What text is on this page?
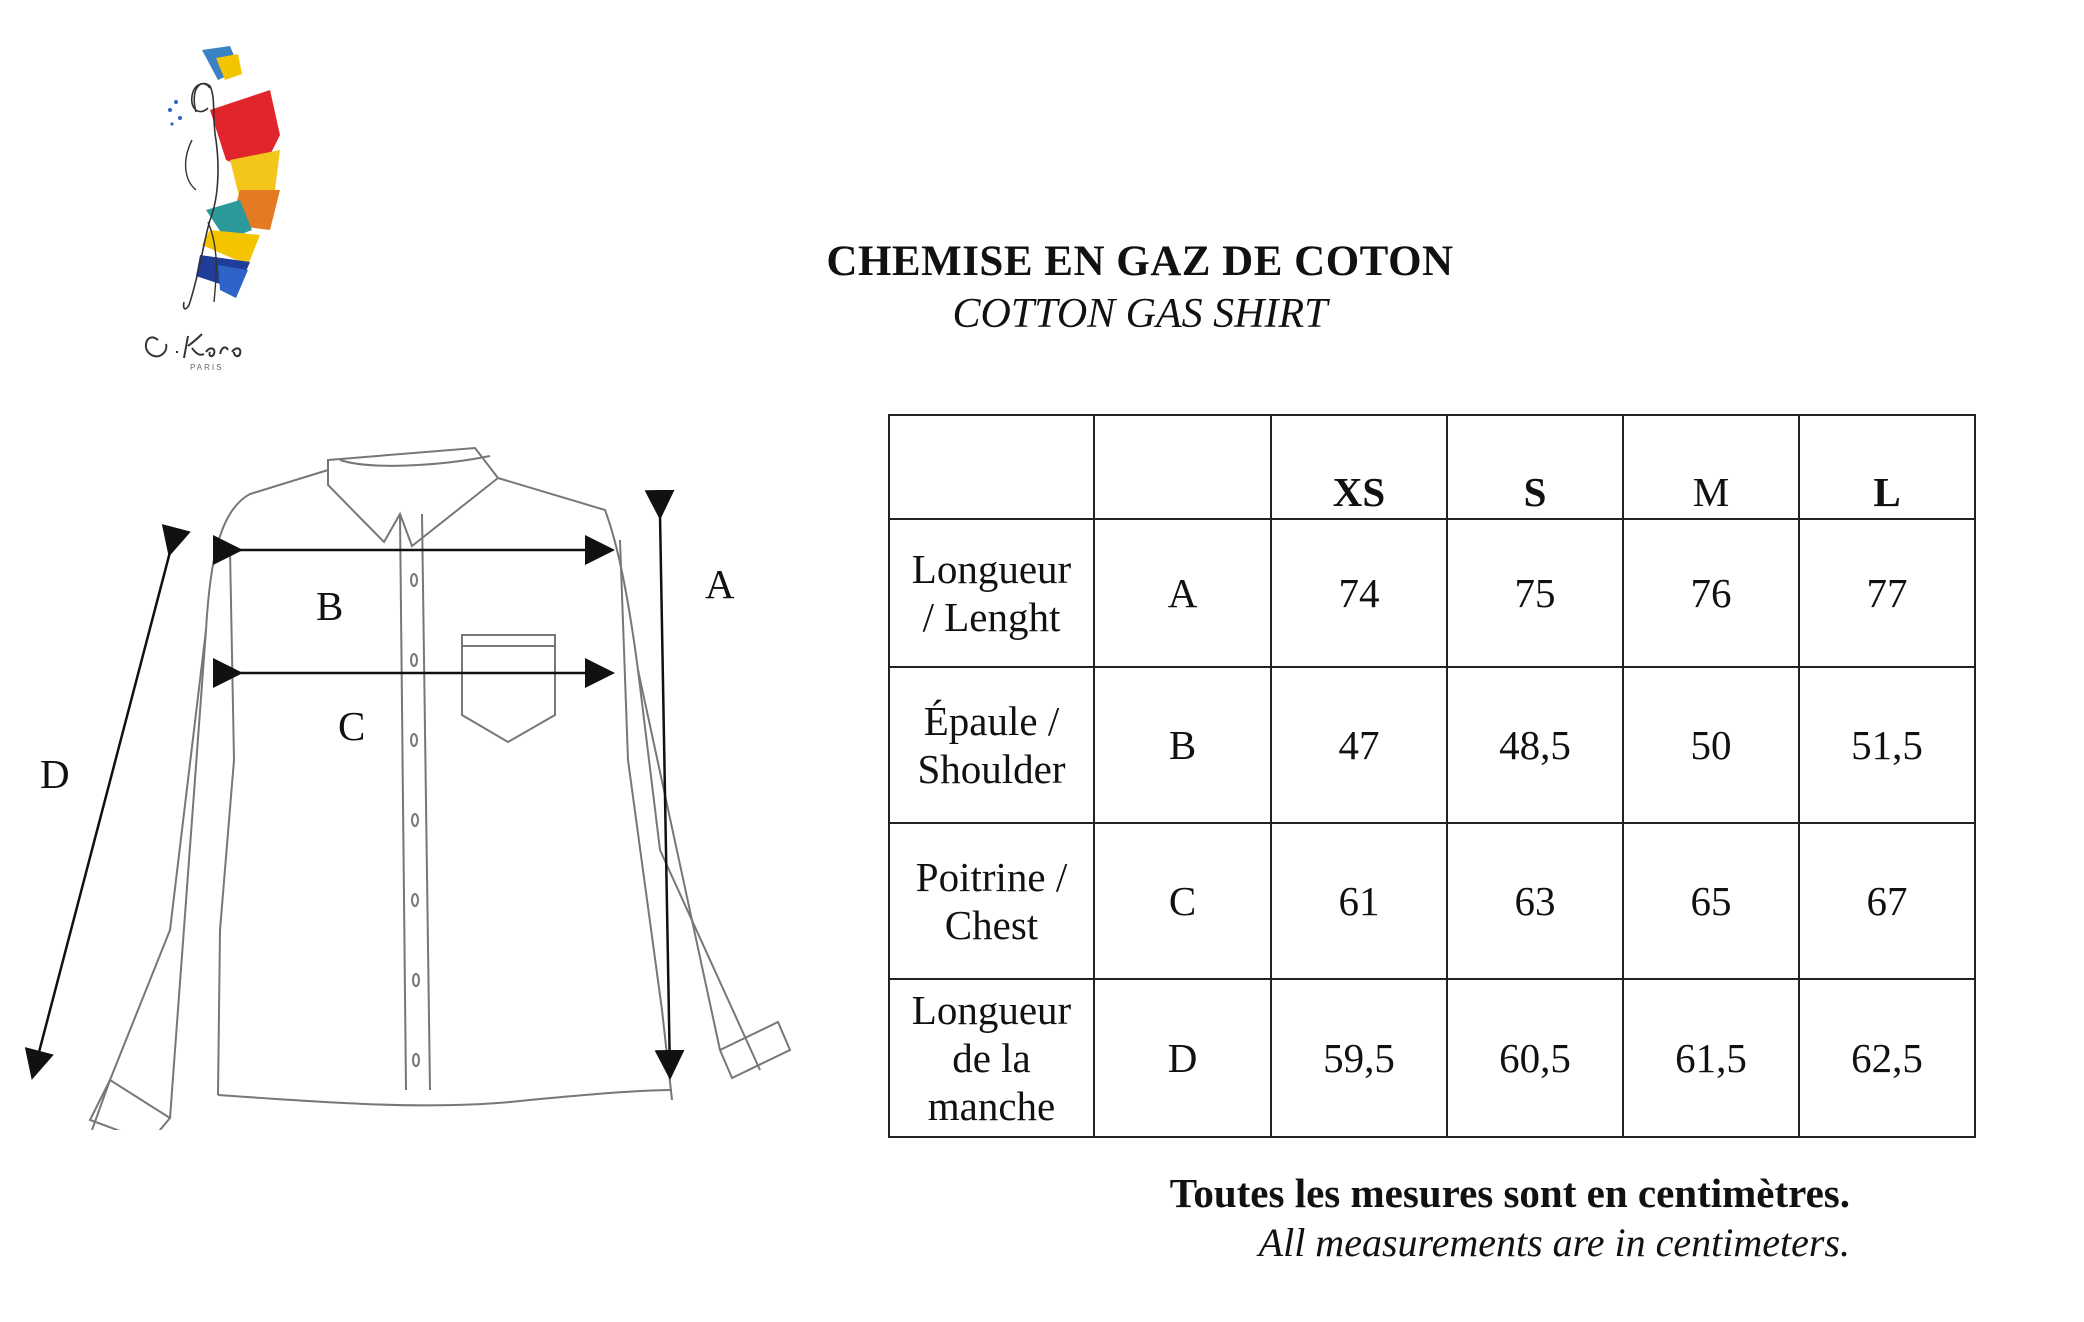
PARIS
CHEMISE EN GAZ DE COTON
COTTON GAS SHIRT
A
B
C
D
		XS	S	M	L
Longueur / Lenght	A	74	75	76	77
Épaule / Shoulder	B	47	48,5	50	51,5
Poitrine / Chest	C	61	63	65	67
Longueur de la manche	D	59,5	60,5	61,5	62,5
Toutes les mesures sont en centimètres.
All measurements are in centimeters.
